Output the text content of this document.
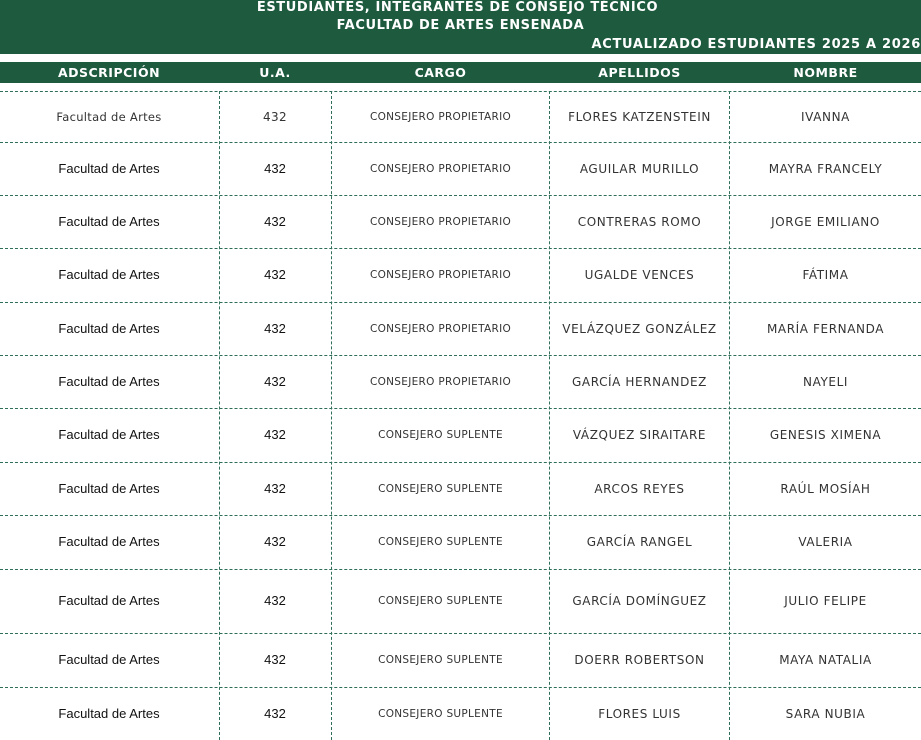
ESTUDIANTES, INTEGRANTES DE CONSEJO TÉCNICO
FACULTAD DE ARTES ENSENADA
ACTUALIZADO ESTUDIANTES 2025 A 2026
ADSCRIPCIÓN	U.A.	CARGO	APELLIDOS	NOMBRE
Facultad de Artes	432	CONSEJERO PROPIETARIO	FLORES KATZENSTEIN	IVANNA
Facultad de Artes	432	CONSEJERO PROPIETARIO	AGUILAR MURILLO	MAYRA FRANCELY
Facultad de Artes	432	CONSEJERO PROPIETARIO	CONTRERAS ROMO	JORGE EMILIANO
Facultad de Artes	432	CONSEJERO PROPIETARIO	UGALDE VENCES	FÁTIMA
Facultad de Artes	432	CONSEJERO PROPIETARIO	VELÁZQUEZ GONZÁLEZ	MARÍA FERNANDA
Facultad de Artes	432	CONSEJERO PROPIETARIO	GARCÍA HERNANDEZ	NAYELI
Facultad de Artes	432	CONSEJERO SUPLENTE	VÁZQUEZ SIRAITARE	GENESIS XIMENA
Facultad de Artes	432	CONSEJERO SUPLENTE	ARCOS REYES	RAÚL MOSÍAH
Facultad de Artes	432	CONSEJERO SUPLENTE	GARCÍA RANGEL	VALERIA
Facultad de Artes	432	CONSEJERO SUPLENTE	GARCÍA DOMÍNGUEZ	JULIO FELIPE
Facultad de Artes	432	CONSEJERO SUPLENTE	DOERR ROBERTSON	MAYA NATALIA
Facultad de Artes	432	CONSEJERO SUPLENTE	FLORES LUIS	SARA NUBIA
